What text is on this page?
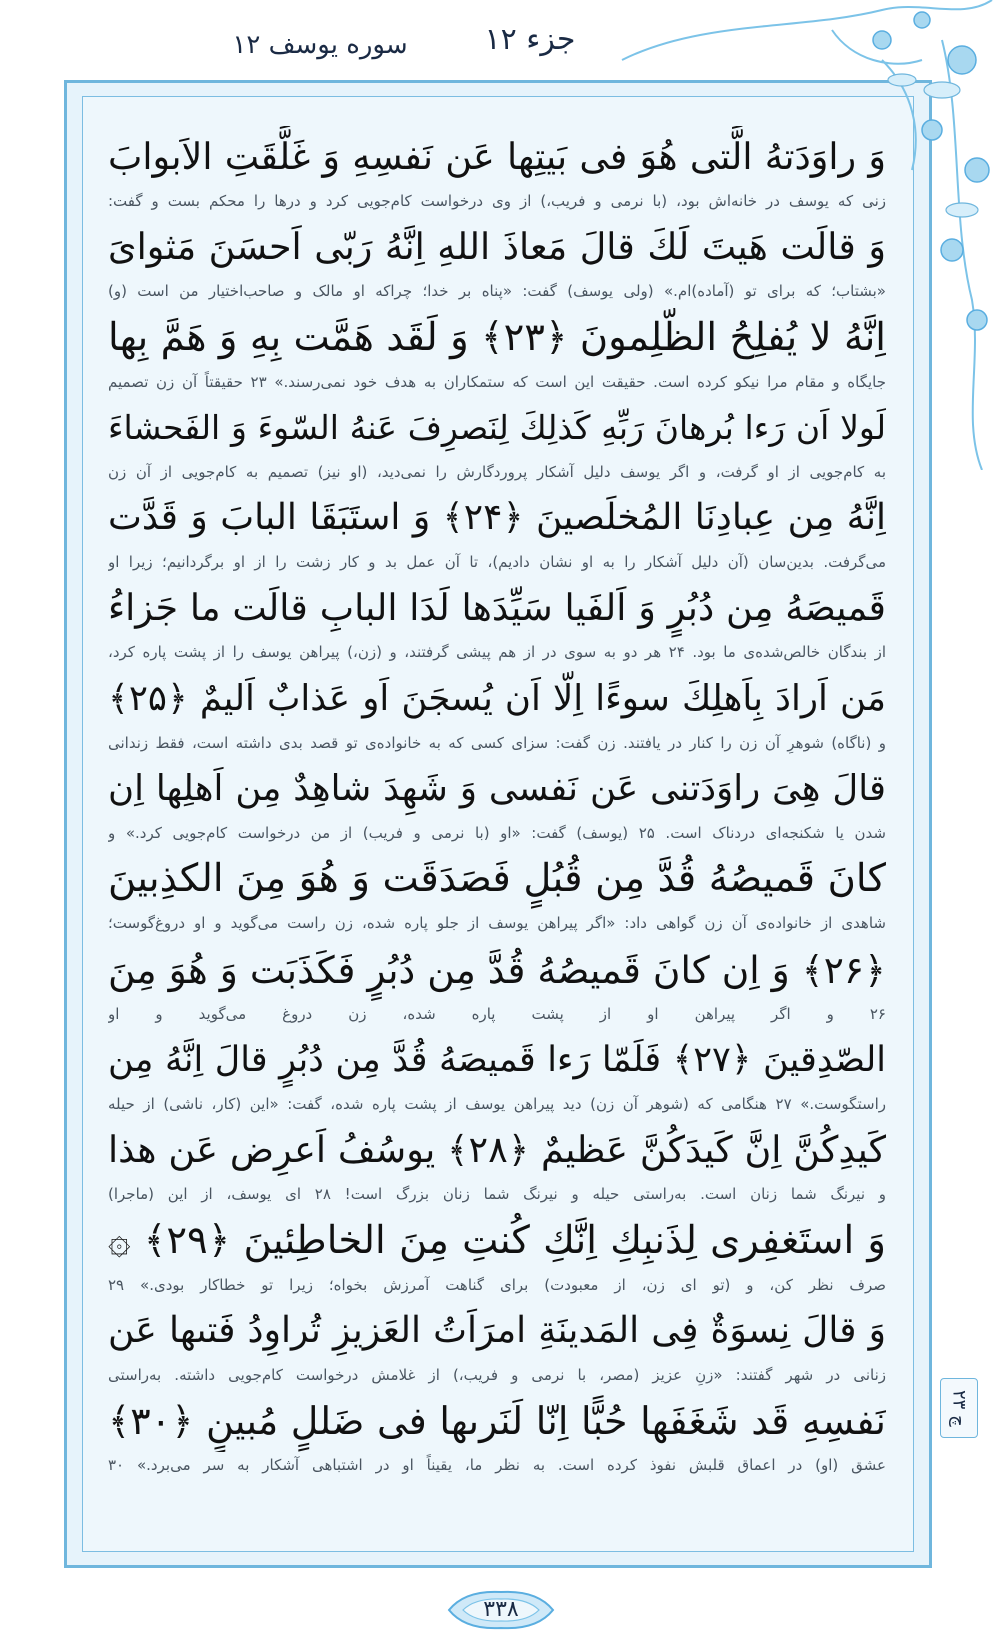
جزء ۱۲
سوره یوسف ۱۲
۲۳ چ
وَ راوَدَتهُ الَّتى هُوَ فى بَيتِها عَن نَفسِهِ وَ غَلَّقَتِ الاَبوابَ
زنی که یوسف در خانه‌اش بود، (با نرمی و فریب،) از وی درخواست کام‌جویی کرد و درها را محکم بست و گفت:
وَ قالَت هَيتَ لَكَ قالَ مَعاذَ اللهِ اِنَّهُ رَبّى اَحسَنَ مَثواىَ
«بشتاب؛ که برای تو (آماده)ام.» (ولی یوسف) گفت: «پناه بر خدا؛ چراکه او مالک و صاحب‌اختیار من است (و)
اِنَّهُ لا يُفلِحُ الظّلِمونَ ﴿۲۳﴾ وَ لَقَد هَمَّت بِهِ وَ هَمَّ بِها
جایگاه و مقام مرا نیکو کرده است. حقیقت این است که ستمکاران به هدف خود نمی‌رسند.» ۲۳ حقیقتاً آن زن تصمیم
لَولا اَن رَءا بُرهانَ رَبِّهِ كَذلِكَ لِنَصرِفَ عَنهُ السّوءَ وَ الفَحشاءَ
به کام‌جویی از او گرفت، و اگر یوسف دلیل آشکار پروردگارش را نمی‌دید، (او نیز) تصمیم به کام‌جویی از آن زن
اِنَّهُ مِن عِبادِنَا المُخلَصينَ ﴿۲۴﴾ وَ استَبَقَا البابَ وَ قَدَّت
می‌گرفت. بدین‌سان (آن دلیل آشکار را به او نشان دادیم)، تا آن عمل بد و کار زشت را از او برگردانیم؛ زیرا او
قَميصَهُ مِن دُبُرٍ وَ اَلفَيا سَيِّدَها لَدَا البابِ قالَت ما جَزاءُ
از بندگان خالص‌شده‌ی ما بود. ۲۴ هر دو به سوی در از هم پیشی گرفتند، و (زن،) پیراهن یوسف را از پشت پاره کرد،
مَن اَرادَ بِاَهلِكَ سوءًا اِلّا اَن يُسجَنَ اَو عَذابٌ اَليمٌ ﴿۲۵﴾
و (ناگاه) شوهرِ آن زن را کنار در یافتند. زن گفت: سزای کسی که به خانواده‌ی تو قصد بدی داشته است، فقط زندانی
قالَ هِىَ راوَدَتنى عَن نَفسى وَ شَهِدَ شاهِدٌ مِن اَهلِها اِن
شدن یا شکنجه‌ای دردناک است. ۲۵ (یوسف) گفت: «او (با نرمی و فریب) از من درخواست کام‌جویی کرد.» و
كانَ قَميصُهُ قُدَّ مِن قُبُلٍ فَصَدَقَت وَ هُوَ مِنَ الكذِبينَ
شاهدی از خانواده‌ی آن زن گواهی داد: «اگر پیراهن یوسف از جلو پاره شده، زن راست می‌گوید و او دروغ‌گوست؛
﴿۲۶﴾ وَ اِن كانَ قَميصُهُ قُدَّ مِن دُبُرٍ فَكَذَبَت وَ هُوَ مِنَ
۲۶ و اگر پیراهن او از پشت پاره شده، زن دروغ می‌گوید و او
الصّدِقينَ ﴿۲۷﴾ فَلَمّا رَءا قَميصَهُ قُدَّ مِن دُبُرٍ قالَ اِنَّهُ مِن
راستگوست.» ۲۷ هنگامی که (شوهر آن زن) دید پیراهن یوسف از پشت پاره شده، گفت: «این (کار، ناشی) از حیله
كَيدِكُنَّ اِنَّ كَيدَكُنَّ عَظيمٌ ﴿۲۸﴾ يوسُفُ اَعرِض عَن هذا
و نیرنگ شما زنان است. به‌راستی حیله و نیرنگ شما زنان بزرگ است! ۲۸ ای یوسف، از این (ماجرا)
وَ استَغفِرى لِذَنبِكِ اِنَّكِ كُنتِ مِنَ الخاطِئينَ ﴿۲۹﴾ ۞
صرف نظر کن، و (تو ای زن، از معبودت) برای گناهت آمرزش بخواه؛ زیرا تو خطاکار بودی.» ۲۹
وَ قالَ نِسوَةٌ فِى المَدينَةِ امرَاَتُ العَزيزِ تُراوِدُ فَتىها عَن
زنانی در شهر گفتند: «زنِ عزیز (مصر، با نرمی و فریب،) از غلامش درخواست کام‌جویی داشته. به‌راستی
نَفسِهِ قَد شَغَفَها حُبًّا اِنّا لَنَرىها فى ضَللٍ مُبينٍ ﴿۳۰﴾
عشق (او) در اعماق قلبش نفوذ کرده است. به نظر ما، یقیناً او در اشتباهی آشکار به سر می‌برد.» ۳۰
۳۳۸
